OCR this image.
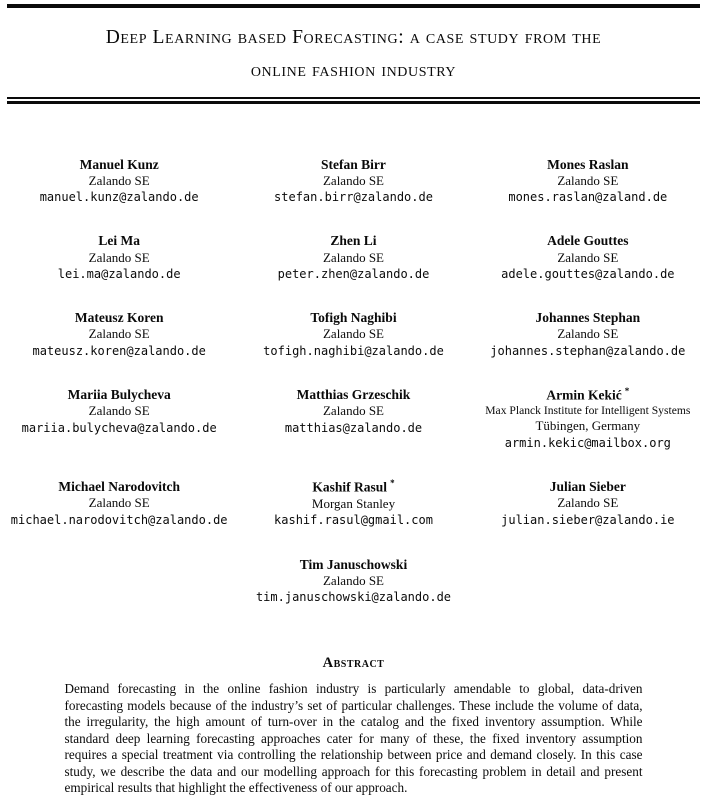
Deep Learning based Forecasting: a case study from the
online fashion industry
Manuel Kunz
Zalando SE
manuel.kunz@zalando.de
Stefan Birr
Zalando SE
stefan.birr@zalando.de
Mones Raslan
Zalando SE
mones.raslan@zaland.de
Lei Ma
Zalando SE
lei.ma@zalando.de
Zhen Li
Zalando SE
peter.zhen@zalando.de
Adele Gouttes
Zalando SE
adele.gouttes@zalando.de
Mateusz Koren
Zalando SE
mateusz.koren@zalando.de
Tofigh Naghibi
Zalando SE
tofigh.naghibi@zalando.de
Johannes Stephan
Zalando SE
johannes.stephan@zalando.de
Mariia Bulycheva
Zalando SE
mariia.bulycheva@zalando.de
Matthias Grzeschik
Zalando SE
matthias@zalando.de
Armin Kekić *
Max Planck Institute for Intelligent Systems
Tübingen, Germany
armin.kekic@mailbox.org
Michael Narodovitch
Zalando SE
michael.narodovitch@zalando.de
Kashif Rasul *
Morgan Stanley
kashif.rasul@gmail.com
Julian Sieber
Zalando SE
julian.sieber@zalando.ie
Tim Januschowski
Zalando SE
tim.januschowski@zalando.de
Abstract
Demand forecasting in the online fashion industry is particularly amendable to global, data-driven forecasting models because of the industry’s set of particular challenges. These include the volume of data, the irregularity, the high amount of turn-over in the catalog and the fixed inventory assumption. While standard deep learning forecasting approaches cater for many of these, the fixed inventory assumption requires a special treatment via controlling the relationship between price and demand closely. In this case study, we describe the data and our modelling approach for this forecasting problem in detail and present empirical results that highlight the effectiveness of our approach.
